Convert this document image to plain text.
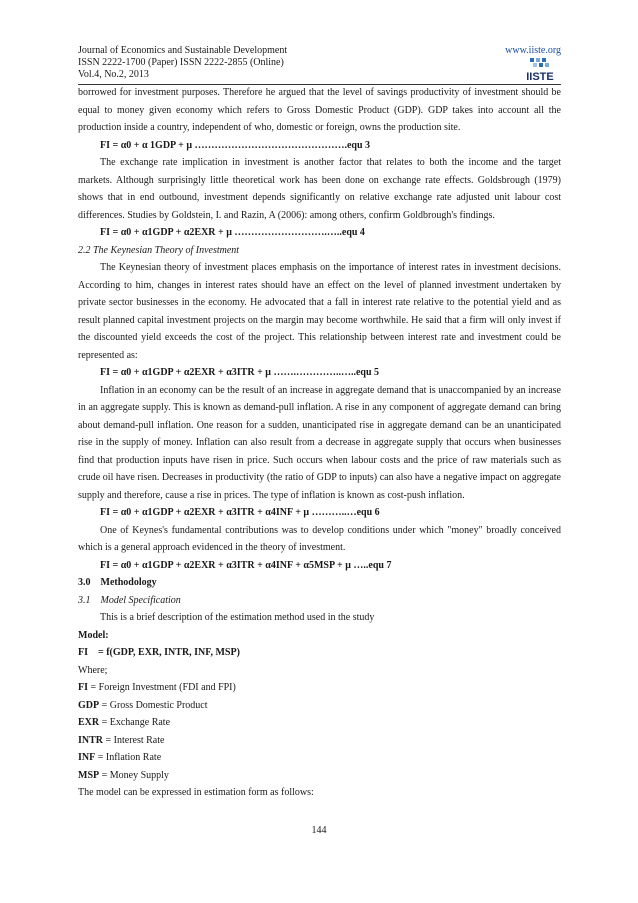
Journal of Economics and Sustainable Development
ISSN 2222-1700 (Paper) ISSN 2222-2855 (Online)
Vol.4, No.2, 2013
www.iiste.org
IISTE

borrowed for investment purposes. Therefore he argued that the level of savings productivity of investment should be equal to money given economy which refers to Gross Domestic Product (GDP). GDP takes into account all the production inside a country, independent of who, domestic or foreign, owns the production site.

FI = α0 + α 1GDP + μ ……………………………………….equ 3

The exchange rate implication in investment is another factor that relates to both the income and the target markets. Although surprisingly little theoretical work has been done on exchange rate effects. Goldsbrough (1979) shows that in end outbound, investment depends significantly on relative exchange rate adjusted unit labour cost differences. Studies by Goldstein, I. and Razin, A (2006): among others, confirm Goldbrough's findings.

FI = α0 + α1GDP + α2EXR + μ ……………………….…..equ 4

2.2 The Keynesian Theory of Investment

The Keynesian theory of investment places emphasis on the importance of interest rates in investment decisions. According to him, changes in interest rates should have an effect on the level of planned investment undertaken by private sector businesses in the economy. He advocated that a fall in interest rate relative to the potential yield and as result planned capital investment projects on the margin may become worthwhile. He said that a firm will only invest if the discounted yield exceeds the cost of the project. This relationship between interest rate and investment could be represented as:

FI = α0 + α1GDP + α2EXR + α3ITR + μ …….…………..…..equ 5

Inflation in an economy can be the result of an increase in aggregate demand that is unaccompanied by an increase in an aggregate supply. This is known as demand-pull inflation. A rise in any component of aggregate demand can bring about demand-pull inflation. One reason for a sudden, unanticipated rise in aggregate demand can be an unanticipated rise in the supply of money. Inflation can also result from a decrease in aggregate supply that occurs when businesses find that production inputs have risen in price. Such occurs when labour costs and the price of raw materials such as crude oil have risen. Decreases in productivity (the ratio of GDP to inputs) can also have a negative impact on aggregate supply and therefore, cause a rise in prices. The type of inflation is known as cost-push inflation.

FI = α0 + α1GDP + α2EXR + α3ITR + α4INF + μ ………..…equ 6

One of Keynes's fundamental contributions was to develop conditions under which "money" broadly conceived which is a general approach evidenced in the theory of investment.

FI = α0 + α1GDP + α2EXR + α3ITR + α4INF + α5MSP + μ …..equ 7

3.0    Methodology

3.1    Model Specification

This is a brief description of the estimation method used in the study

Model:

FI    = f(GDP, EXR, INTR, INF, MSP)

Where;

FI = Foreign Investment (FDI and FPI)

GDP = Gross Domestic Product

EXR = Exchange Rate

INTR = Interest Rate

INF = Inflation Rate

MSP = Money Supply

The model can be expressed in estimation form as follows:

144
